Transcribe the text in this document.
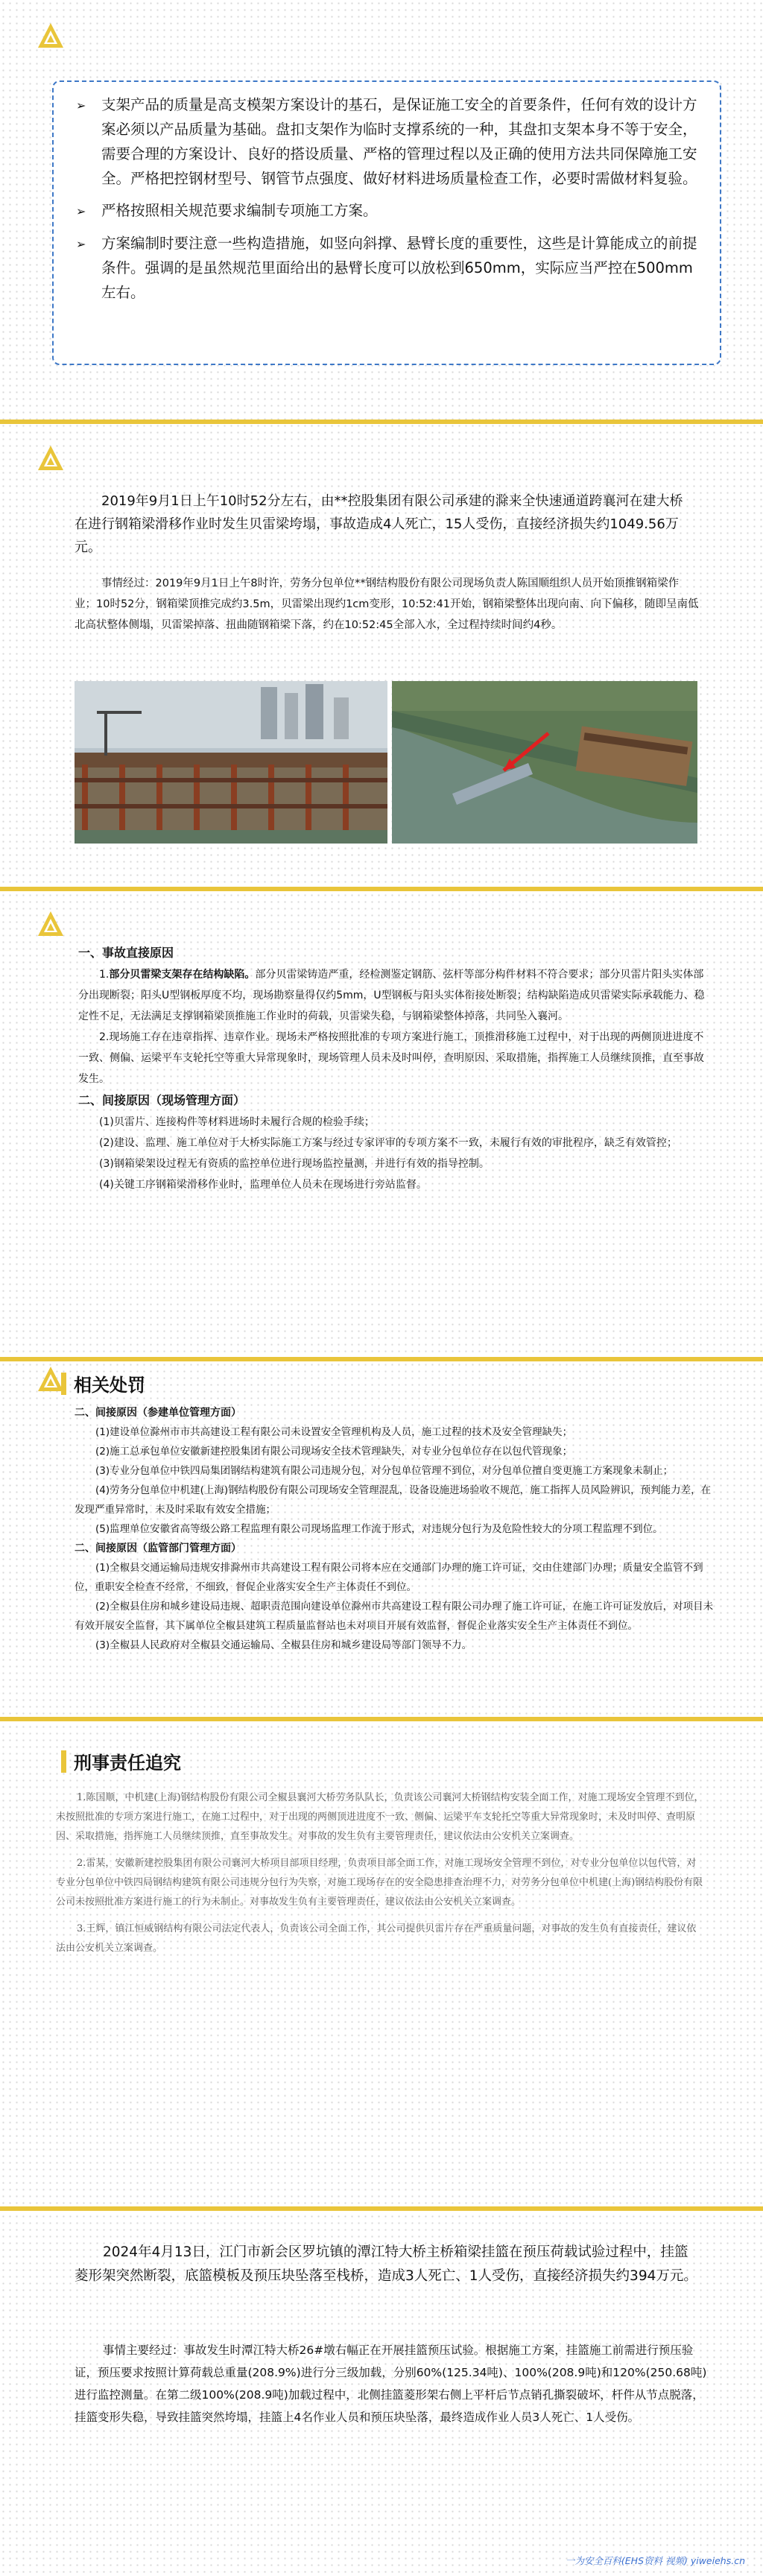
➢	支架产品的质量是高支模架方案设计的基石，是保证施工安全的首要条件，任何有效的设计方案必须以产品质量为基础。盘扣支架作为临时支撑系统的一种，其盘扣支架本身不等于安全，需要合理的方案设计、良好的搭设质量、严格的管理过程以及正确的使用方法共同保障施工安全。严格把控钢材型号、钢管节点强度、做好材料进场质量检查工作，必要时需做材料复验。
➢	严格按照相关规范要求编制专项施工方案。
➢	方案编制时要注意一些构造措施，如竖向斜撑、悬臂长度的重要性，这些是计算能成立的前提条件。强调的是虽然规范里面给出的悬臂长度可以放松到650mm，实际应当严控在500mm左右。

2019年9月1日上午10时52分左右，由**控股集团有限公司承建的滁来全快速通道跨襄河在建大桥在进行钢箱梁滑移作业时发生贝雷梁垮塌，事故造成4人死亡，15人受伤，直接经济损失约1049.56万元。

事情经过：2019年9月1日上午8时许，劳务分包单位**钢结构股份有限公司现场负责人陈国顺组织人员开始顶推钢箱梁作业；10时52分，钢箱梁顶推完成约3.5m，贝雷梁出现约1cm变形，10:52:41开始，钢箱梁整体出现向南、向下偏移，随即呈南低北高状整体侧塌，贝雷梁掉落、扭曲随钢箱梁下落，约在10:52:45全部入水，全过程持续时间约4秒。

一、事故直接原因

1.部分贝雷梁支架存在结构缺陷。部分贝雷梁铸造严重，经检测鉴定钢筋、弦杆等部分构件材料不符合要求；部分贝雷片阳头实体部分出现断裂；阳头U型钢板厚度不均，现场勘察量得仅约5mm，U型钢板与阳头实体衔接处断裂；结构缺陷造成贝雷梁实际承载能力、稳定性不足，无法满足支撑钢箱梁顶推施工作业时的荷载，贝雷梁失稳，与钢箱梁整体掉落，共同坠入襄河。

2.现场施工存在违章指挥、违章作业。现场未严格按照批准的专项方案进行施工，顶推滑移施工过程中，对于出现的两侧顶进进度不一致、侧偏、运梁平车支轮托空等重大异常现象时，现场管理人员未及时叫停，查明原因、采取措施，指挥施工人员继续顶推，直至事故发生。

二、间接原因（现场管理方面）

(1)贝雷片、连接构件等材料进场时未履行合规的检验手续；

(2)建设、监理、施工单位对于大桥实际施工方案与经过专家评审的专项方案不一致，未履行有效的审批程序，缺乏有效管控；

(3)钢箱梁架设过程无有资质的监控单位进行现场监控量测，并进行有效的指导控制。

(4)关键工序钢箱梁滑移作业时，监理单位人员未在现场进行旁站监督。

相关处罚
二、间接原因（参建单位管理方面）

(1)建设单位滁州市市共高建设工程有限公司未设置安全管理机构及人员，施工过程的技术及安全管理缺失；

(2)施工总承包单位安徽新建控股集团有限公司现场安全技术管理缺失，对专业分包单位存在以包代管现象；

(3)专业分包单位中铁四局集团钢结构建筑有限公司违规分包，对分包单位管理不到位，对分包单位擅自变更施工方案现象未制止；

(4)劳务分包单位中机建(上海)钢结构股份有限公司现场安全管理混乱，设备设施进场验收不规范，施工指挥人员风险辨识，预判能力差，在发现严重异常时，未及时采取有效安全措施；

(5)监理单位安徽省高等级公路工程监理有限公司现场监理工作流于形式，对违规分包行为及危险性较大的分项工程监理不到位。

二、间接原因（监管部门管理方面）

(1)全椒县交通运输局违规安排滁州市共高建设工程有限公司将本应在交通部门办理的施工许可证，交由住建部门办理；质量安全监管不到位，重职安全检查不经常，不细致，督促企业落实安全生产主体责任不到位。

(2)全椒县住房和城乡建设局违规、超职责范围向建设单位滁州市共高建设工程有限公司办理了施工许可证，在施工许可证发放后，对项目未有效开展安全监督，其下属单位全椒县建筑工程质量监督站也未对项目开展有效监督，督促企业落实安全生产主体责任不到位。

(3)全椒县人民政府对全椒县交通运输局、全椒县住房和城乡建设局等部门领导不力。

刑事责任追究

1.陈国顺，中机建(上海)钢结构股份有限公司全椒县襄河大桥劳务队队长，负责该公司襄河大桥钢结构安装全面工作，对施工现场安全管理不到位，未按照批准的专项方案进行施工，在施工过程中，对于出现的两侧顶进进度不一致、侧偏、运梁平车支轮托空等重大异常现象时，未及时叫停、查明原因、采取措施，指挥施工人员继续顶推，直至事故发生。对事故的发生负有主要管理责任，建议依法由公安机关立案调查。

2.雷某，安徽新建控股集团有限公司襄河大桥项目部项目经理，负责项目部全面工作，对施工现场安全管理不到位，对专业分包单位以包代管，对专业分包单位中铁四局钢结构建筑有限公司违规分包行为失察，对施工现场存在的安全隐患排查治理不力，对劳务分包单位中机建(上海)钢结构股份有限公司未按照批准方案进行施工的行为未制止。对事故发生负有主要管理责任，建议依法由公安机关立案调查。

3.王辉，镇江恒威钢结构有限公司法定代表人，负责该公司全面工作，其公司提供贝雷片存在严重质量问题，对事故的发生负有直接责任，建议依法由公安机关立案调查。

2024年4月13日，江门市新会区罗坑镇的潭江特大桥主桥箱梁挂篮在预压荷载试验过程中，挂篮菱形架突然断裂，底篮模板及预压块坠落至栈桥，造成3人死亡、1人受伤，直接经济损失约394万元。

事情主要经过：事故发生时潭江特大桥26#墩右幅正在开展挂篮预压试验。根据施工方案，挂篮施工前需进行预压验证，预压要求按照计算荷载总重量(208.9%)进行分三级加载，分别60%(125.34吨)、100%(208.9吨)和120%(250.68吨)进行监控测量。在第二级100%(208.9吨)加载过程中，北侧挂篮菱形架右侧上平杆后节点销孔撕裂破坏，杆件从节点脱落，挂篮变形失稳，导致挂篮突然垮塌，挂篮上4名作业人员和预压块坠落，最终造成作业人员3人死亡、1人受伤。

一为安全百科(EHS资料 视频) yiweiehs.cn
